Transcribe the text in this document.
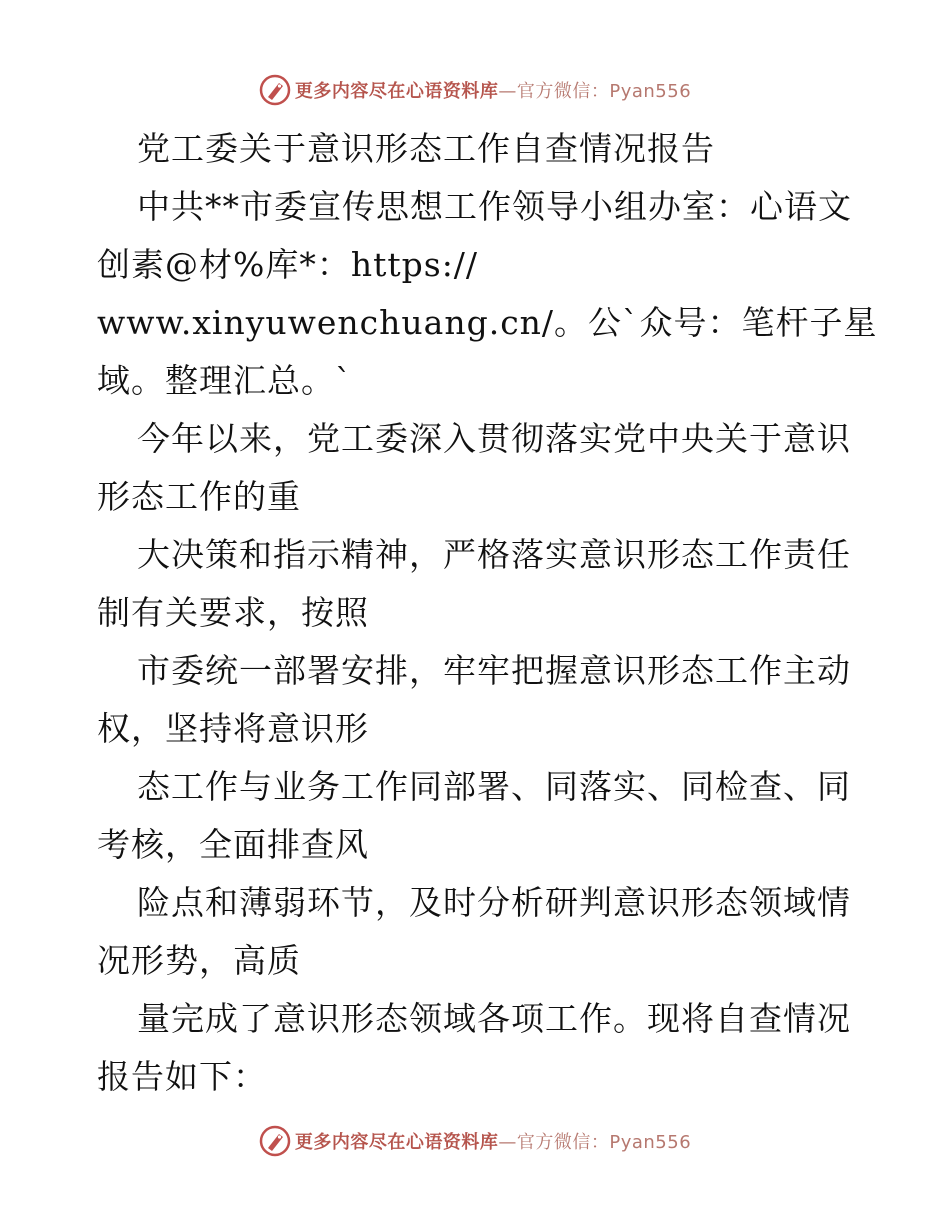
更多内容尽在心语资料库—官方微信：Pyan556
党工委关于意识形态工作自查情况报告
中共**市委宣传思想工作领导小组办室：心语文
创素@材%库*：https://
www.xinyuwenchuang.cn/。公`众号：笔杆子星
域。整理汇总。`
今年以来，党工委深入贯彻落实党中央关于意识
形态工作的重
大决策和指示精神，严格落实意识形态工作责任
制有关要求，按照
市委统一部署安排，牢牢把握意识形态工作主动
权，坚持将意识形
态工作与业务工作同部署、同落实、同检查、同
考核，全面排查风
险点和薄弱环节，及时分析研判意识形态领域情
况形势，高质
量完成了意识形态领域各项工作。现将自查情况
报告如下：
更多内容尽在心语资料库—官方微信：Pyan556
